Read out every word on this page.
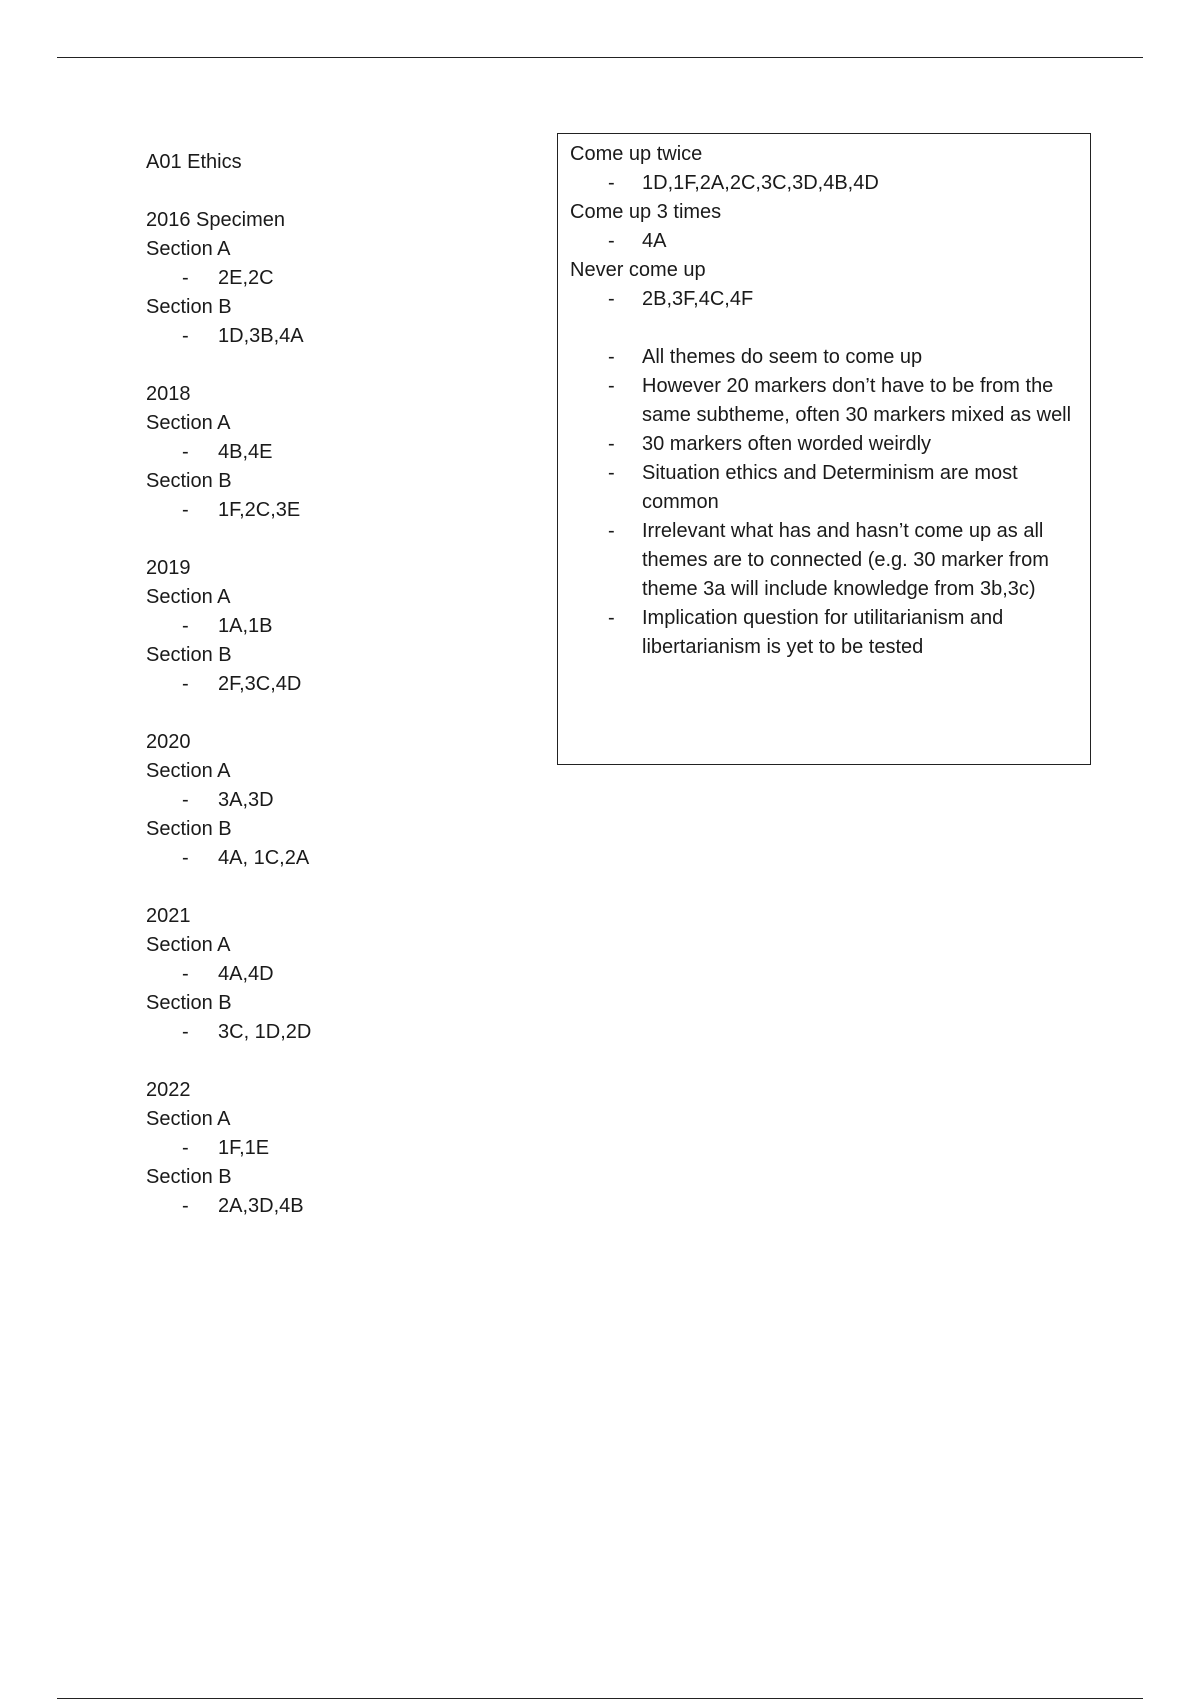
A01 Ethics
2016 Specimen
Section A
- 2E,2C
Section B
- 1D,3B,4A
2018
Section A
- 4B,4E
Section B
- 1F,2C,3E
2019
Section A
- 1A,1B
Section B
- 2F,3C,4D
2020
Section A
- 3A,3D
Section B
- 4A, 1C,2A
2021
Section A
- 4A,4D
Section B
- 3C, 1D,2D
2022
Section A
- 1F,1E
Section B
- 2A,3D,4B
Come up twice
- 1D,1F,2A,2C,3C,3D,4B,4D
Come up 3 times
- 4A
Never come up
- 2B,3F,4C,4F
- All themes do seem to come up
- However 20 markers don’t have to be from the same subtheme, often 30 markers mixed as well
- 30 markers often worded weirdly
- Situation ethics and Determinism are most common
- Irrelevant what has and hasn’t come up as all themes are to connected (e.g. 30 marker from theme 3a will include knowledge from 3b,3c)
- Implication question for utilitarianism and libertarianism is yet to be tested
